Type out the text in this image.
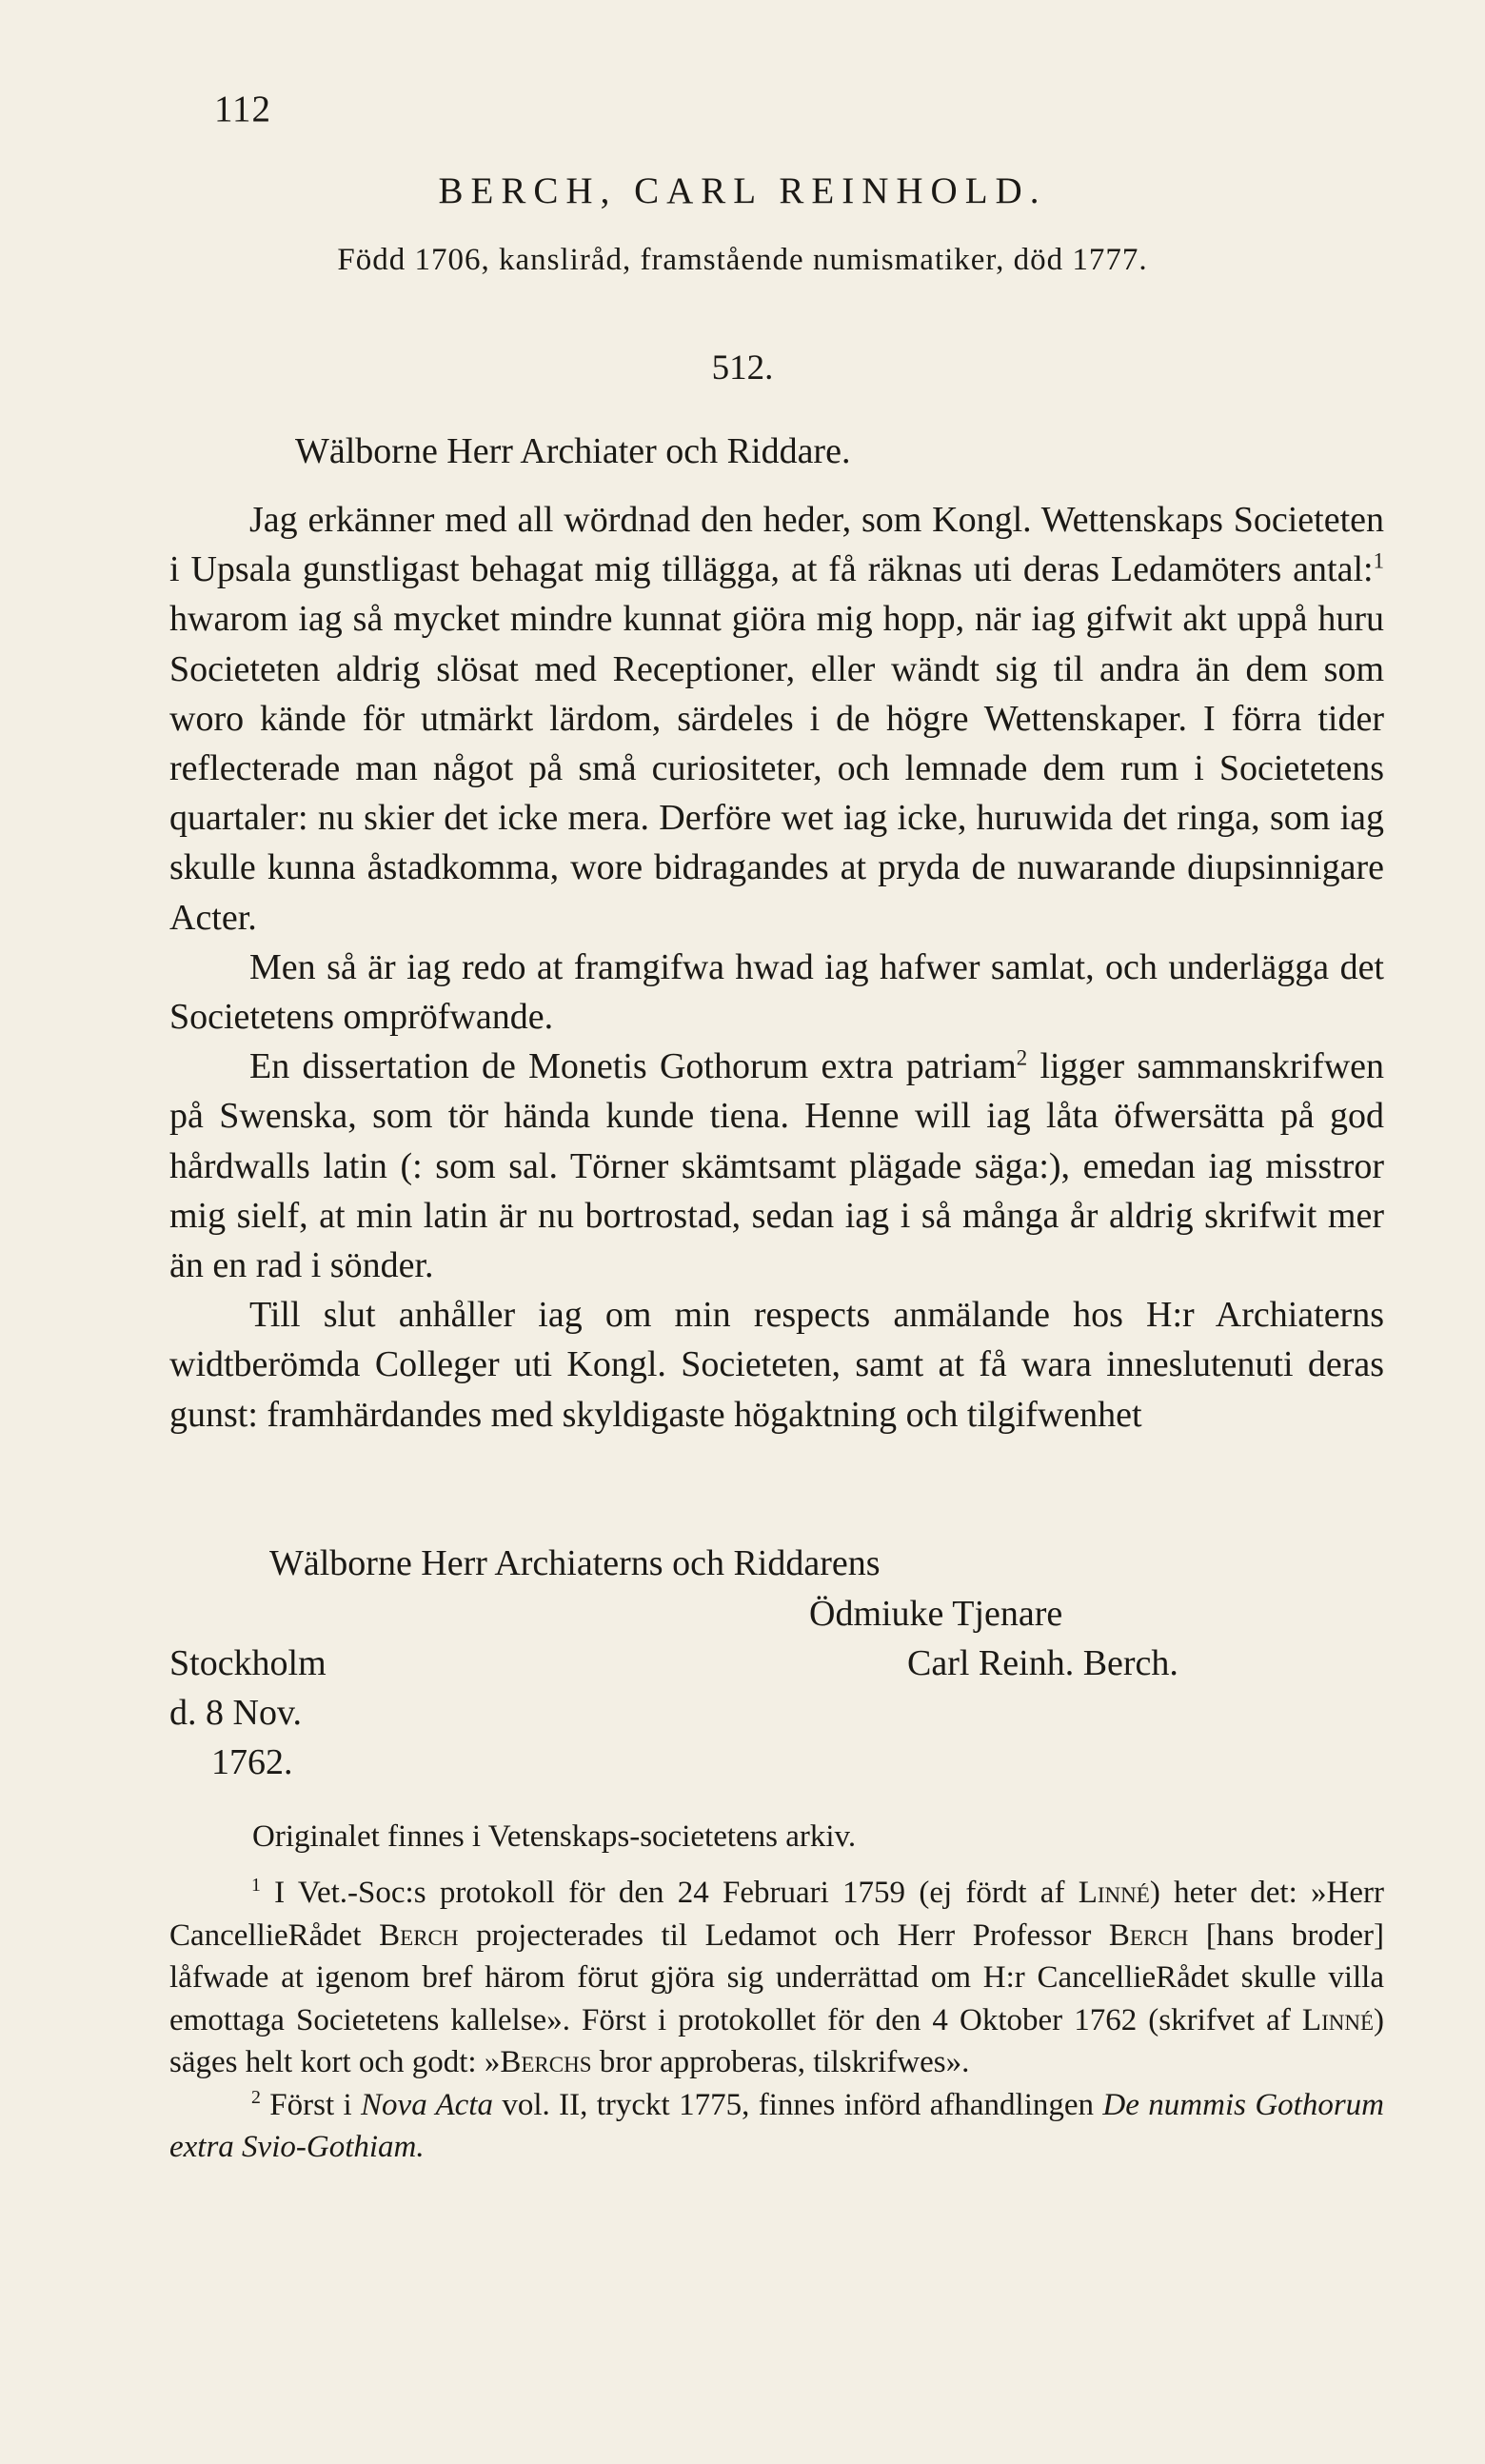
112
BERCH, CARL REINHOLD.
Född 1706, kansliråd, framstående numismatiker, död 1777.
512.
Wälborne Herr Archiater och Riddare.

Jag erkänner med all wördnad den heder, som Kongl. Wettenskaps Societeten i Upsala gunstligast behagat mig tillägga, at få räknas uti deras Ledamöters antal:$^1$ hwarom iag så mycket mindre kunnat giöra mig hopp, när iag gifwit akt uppå huru Societeten aldrig slösat med Receptioner, eller wändt sig til andra än dem som woro kände för utmärkt lärdom, särdeles i de högre Wettenskaper. I förra tider reflecterade man något på små curiositeter, och lemnade dem rum i Societetens quartaler: nu skier det icke mera. Derföre wet iag icke, huruwida det ringa, som iag skulle kunna åstadkomma, wore bidragandes at pryda de nuwarande diupsinnigare Acter.

Men så är iag redo at framgifwa hwad iag hafwer samlat, och underlägga det Societetens ompröfwande.

En dissertation de Monetis Gothorum extra patriam$^2$ ligger sammanskrifwen på Swenska, som tör hända kunde tiena. Henne will iag låta öfwersätta på god hårdwalls latin (: som sal. Törner skämtsamt plägade säga:), emedan iag misstror mig sielf, at min latin är nu bortrostad, sedan iag i så många år aldrig skrifwit mer än en rad i sönder.

Till slut anhåller iag om min respects anmälande hos H:r Archiaterns widtberömda Colleger uti Kongl. Societeten, samt at få wara inneslutenuti deras gunst: framhärdandes med skyldigaste högaktning och tilgifwenhet

Wälborne Herr Archiaterns och Riddarens
Ödmiuke Tjenare
Stockholm	Carl Reinh. Berch.
d. 8 Nov.
1762.
Originalet finnes i Vetenskaps-societetens arkiv.

$^1$ I Vet.-Soc:s protokoll för den 24 Februari 1759 (ej fördt af Linné) heter det: »Herr CancellieRådet Berch projecterades til Ledamot och Herr Professor Berch [hans broder] låfwade at igenom bref härom förut gjöra sig underrättad om H:r CancellieRådet skulle villa emottaga Societetens kallelse». Först i protokollet för den 4 Oktober 1762 (skrifvet af Linné) säges helt kort och godt: »Berchs bror approberas, tilskrifwes».

$^2$ Först i Nova Acta vol. II, tryckt 1775, finnes införd afhandlingen De nummis Gothorum extra Svio-Gothiam.
